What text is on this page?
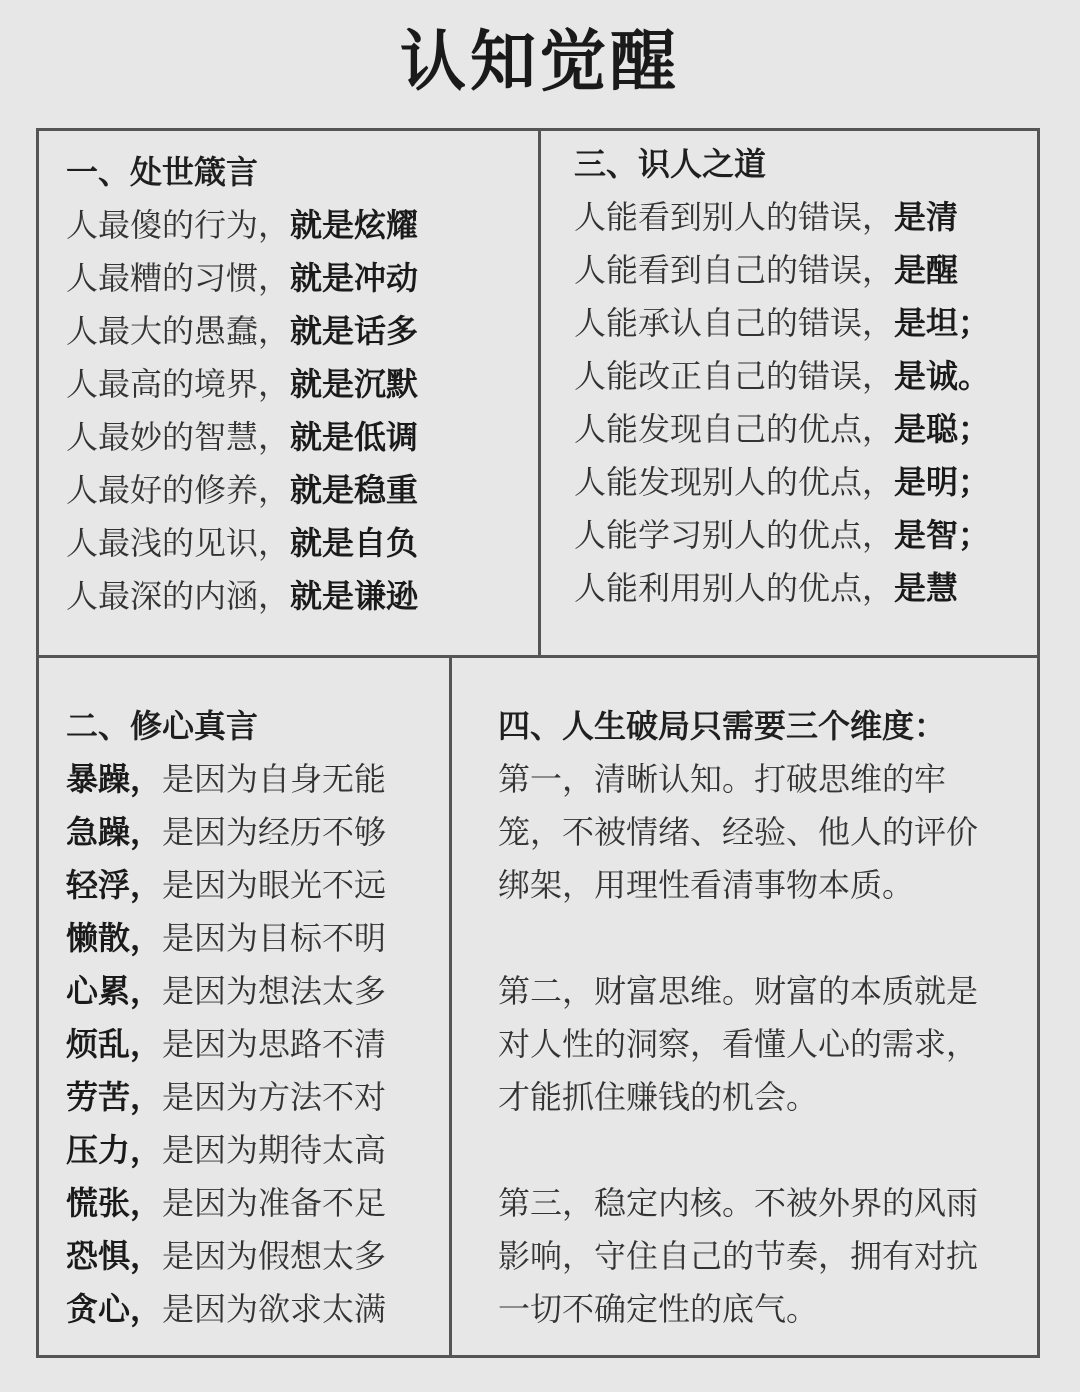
认知觉醒
一、处世箴言
人最傻的行为，就是炫耀
人最糟的习惯，就是冲动
人最大的愚蠢，就是话多
人最高的境界，就是沉默
人最妙的智慧，就是低调
人最好的修养，就是稳重
人最浅的见识，就是自负
人最深的内涵，就是谦逊
三、识人之道
人能看到别人的错误，是清
人能看到自己的错误，是醒
人能承认自己的错误，是坦；
人能改正自己的错误，是诚。
人能发现自己的优点，是聪；
人能发现别人的优点，是明；
人能学习别人的优点，是智；
人能利用别人的优点，是慧
二、修心真言
暴躁，是因为自身无能
急躁，是因为经历不够
轻浮，是因为眼光不远
懒散，是因为目标不明
心累，是因为想法太多
烦乱，是因为思路不清
劳苦，是因为方法不对
压力，是因为期待太高
慌张，是因为准备不足
恐惧，是因为假想太多
贪心，是因为欲求太满
四、人生破局只需要三个维度：
第一，清晰认知。打破思维的牢
笼，不被情绪、经验、他人的评价
绑架，用理性看清事物本质。
第二，财富思维。财富的本质就是
对人性的洞察，看懂人心的需求，
才能抓住赚钱的机会。
第三，稳定内核。不被外界的风雨
影响，守住自己的节奏，拥有对抗
一切不确定性的底气。
